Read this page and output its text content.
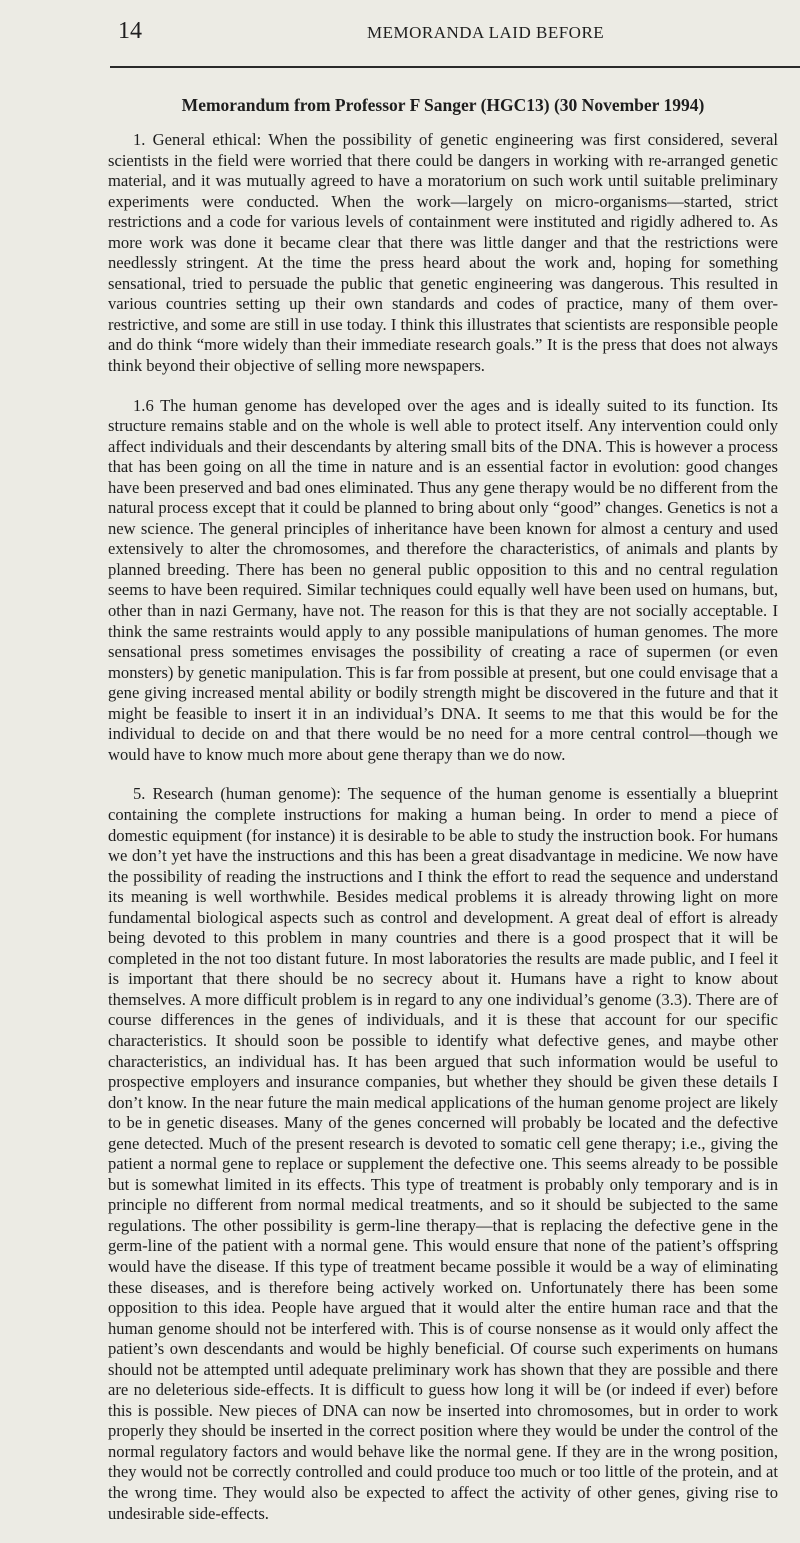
14	MEMORANDA LAID BEFORE
Memorandum from Professor F Sanger (HGC13) (30 November 1994)

1. General ethical: When the possibility of genetic engineering was first considered, several scientists in the field were worried that there could be dangers in working with re-arranged genetic material, and it was mutually agreed to have a moratorium on such work until suitable preliminary experiments were conducted. When the work—largely on micro-organisms—started, strict restrictions and a code for various levels of containment were instituted and rigidly adhered to. As more work was done it became clear that there was little danger and that the restrictions were needlessly stringent. At the time the press heard about the work and, hoping for something sensational, tried to persuade the public that genetic engineering was dangerous. This resulted in various countries setting up their own standards and codes of practice, many of them over-restrictive, and some are still in use today. I think this illustrates that scientists are responsible people and do think “more widely than their immediate research goals.” It is the press that does not always think beyond their objective of selling more newspapers.

1.6 The human genome has developed over the ages and is ideally suited to its function. Its structure remains stable and on the whole is well able to protect itself. Any intervention could only affect individuals and their descendants by altering small bits of the DNA. This is however a process that has been going on all the time in nature and is an essential factor in evolution: good changes have been preserved and bad ones eliminated. Thus any gene therapy would be no different from the natural process except that it could be planned to bring about only “good” changes. Genetics is not a new science. The general principles of inheritance have been known for almost a century and used extensively to alter the chromosomes, and therefore the characteristics, of animals and plants by planned breeding. There has been no general public opposition to this and no central regulation seems to have been required. Similar techniques could equally well have been used on humans, but, other than in nazi Germany, have not. The reason for this is that they are not socially acceptable. I think the same restraints would apply to any possible manipulations of human genomes. The more sensational press sometimes envisages the possibility of creating a race of supermen (or even monsters) by genetic manipulation. This is far from possible at present, but one could envisage that a gene giving increased mental ability or bodily strength might be discovered in the future and that it might be feasible to insert it in an individual’s DNA. It seems to me that this would be for the individual to decide on and that there would be no need for a more central control—though we would have to know much more about gene therapy than we do now.

5. Research (human genome): The sequence of the human genome is essentially a blueprint containing the complete instructions for making a human being. In order to mend a piece of domestic equipment (for instance) it is desirable to be able to study the instruction book. For humans we don’t yet have the instructions and this has been a great disadvantage in medicine. We now have the possibility of reading the instructions and I think the effort to read the sequence and understand its meaning is well worthwhile. Besides medical problems it is already throwing light on more fundamental biological aspects such as control and development. A great deal of effort is already being devoted to this problem in many countries and there is a good prospect that it will be completed in the not too distant future. In most laboratories the results are made public, and I feel it is important that there should be no secrecy about it. Humans have a right to know about themselves. A more difficult problem is in regard to any one individual’s genome (3.3). There are of course differences in the genes of individuals, and it is these that account for our specific characteristics. It should soon be possible to identify what defective genes, and maybe other characteristics, an individual has. It has been argued that such information would be useful to prospective employers and insurance companies, but whether they should be given these details I don’t know. In the near future the main medical applications of the human genome project are likely to be in genetic diseases. Many of the genes concerned will probably be located and the defective gene detected. Much of the present research is devoted to somatic cell gene therapy; i.e., giving the patient a normal gene to replace or supplement the defective one. This seems already to be possible but is somewhat limited in its effects. This type of treatment is probably only temporary and is in principle no different from normal medical treatments, and so it should be subjected to the same regulations. The other possibility is germ-line therapy—that is replacing the defective gene in the germ-line of the patient with a normal gene. This would ensure that none of the patient’s offspring would have the disease. If this type of treatment became possible it would be a way of eliminating these diseases, and is therefore being actively worked on. Unfortunately there has been some opposition to this idea. People have argued that it would alter the entire human race and that the human genome should not be interfered with. This is of course nonsense as it would only affect the patient’s own descendants and would be highly beneficial. Of course such experiments on humans should not be attempted until adequate preliminary work has shown that they are possible and there are no deleterious side-effects. It is difficult to guess how long it will be (or indeed if ever) before this is possible. New pieces of DNA can now be inserted into chromosomes, but in order to work properly they should be inserted in the correct position where they would be under the control of the normal regulatory factors and would behave like the normal gene. If they are in the wrong position, they would not be correctly controlled and could produce too much or too little of the protein, and at the wrong time. They would also be expected to affect the activity of other genes, giving rise to undesirable side-effects.
